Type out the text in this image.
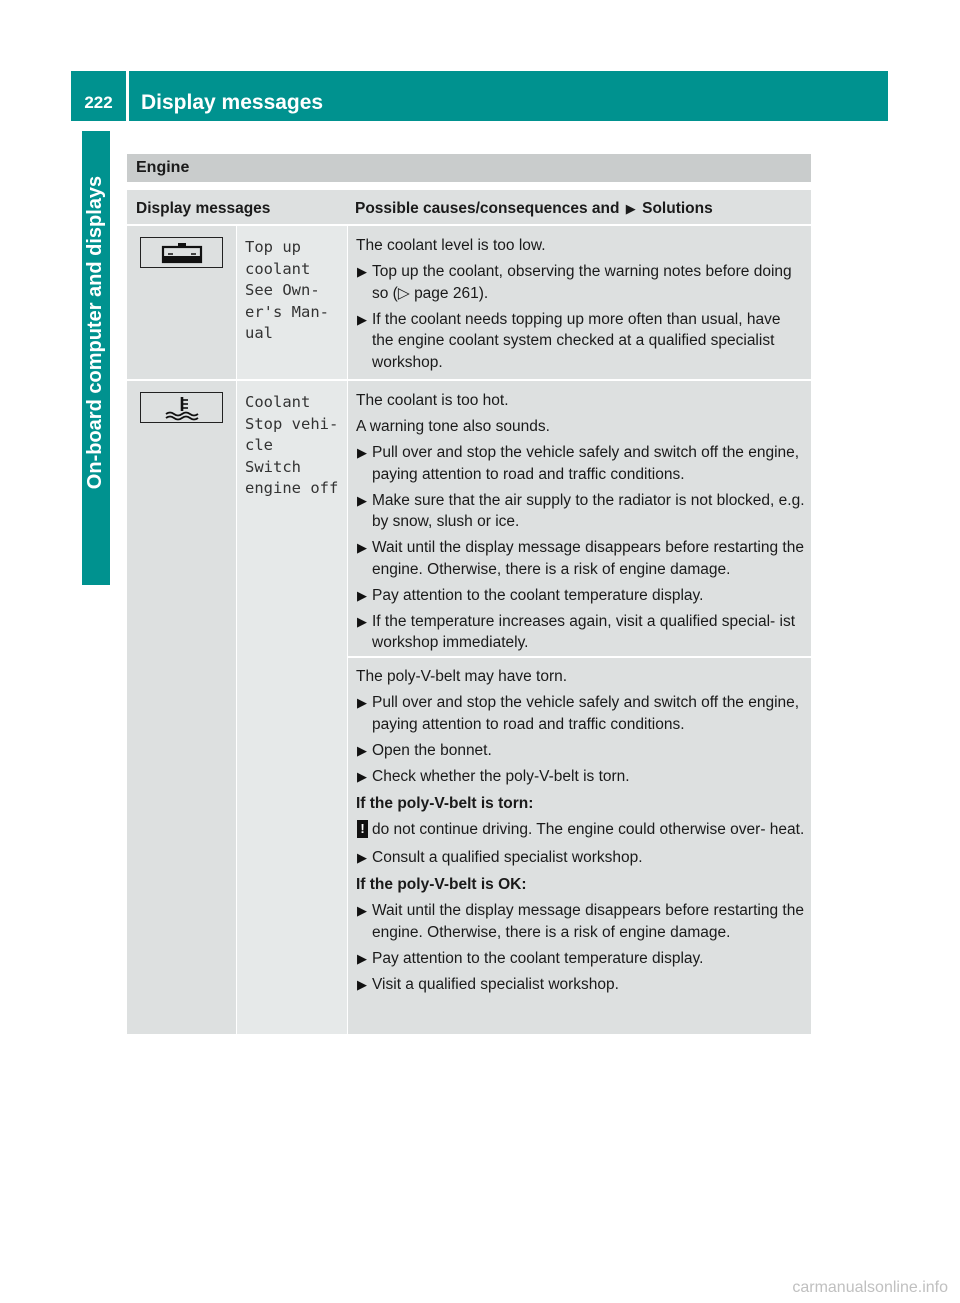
222	Display messages
On-board computer and displays
Engine
Display messages	Possible causes/consequences and ▶ Solutions
Top up
coolant
See Own‑
er's Man‑
ual

The coolant level is too low.

▶ Top up the coolant, observing the warning notes before doing so (▷ page 261).
▶ If the coolant needs topping up more often than usual, have the engine coolant system checked at a qualified specialist workshop.
Coolant
Stop vehi‑
cle
Switch
engine off

The coolant is too hot.

A warning tone also sounds.

▶ Pull over and stop the vehicle safely and switch off the engine, paying attention to road and traffic conditions.
▶ Make sure that the air supply to the radiator is not blocked, e.g. by snow, slush or ice.
▶ Wait until the display message disappears before restarting the engine. Otherwise, there is a risk of engine damage.
▶ Pay attention to the coolant temperature display.
▶ If the temperature increases again, visit a qualified special‑ ist workshop immediately.

The poly-V-belt may have torn.

▶ Pull over and stop the vehicle safely and switch off the engine, paying attention to road and traffic conditions.
▶ Open the bonnet.
▶ Check whether the poly-V-belt is torn.

If the poly-V-belt is torn:

! do not continue driving. The engine could otherwise over‑ heat.
▶ Consult a qualified specialist workshop.

If the poly-V-belt is OK:

▶ Wait until the display message disappears before restarting the engine. Otherwise, there is a risk of engine damage.
▶ Pay attention to the coolant temperature display.
▶ Visit a qualified specialist workshop.
carmanualsonline.info
